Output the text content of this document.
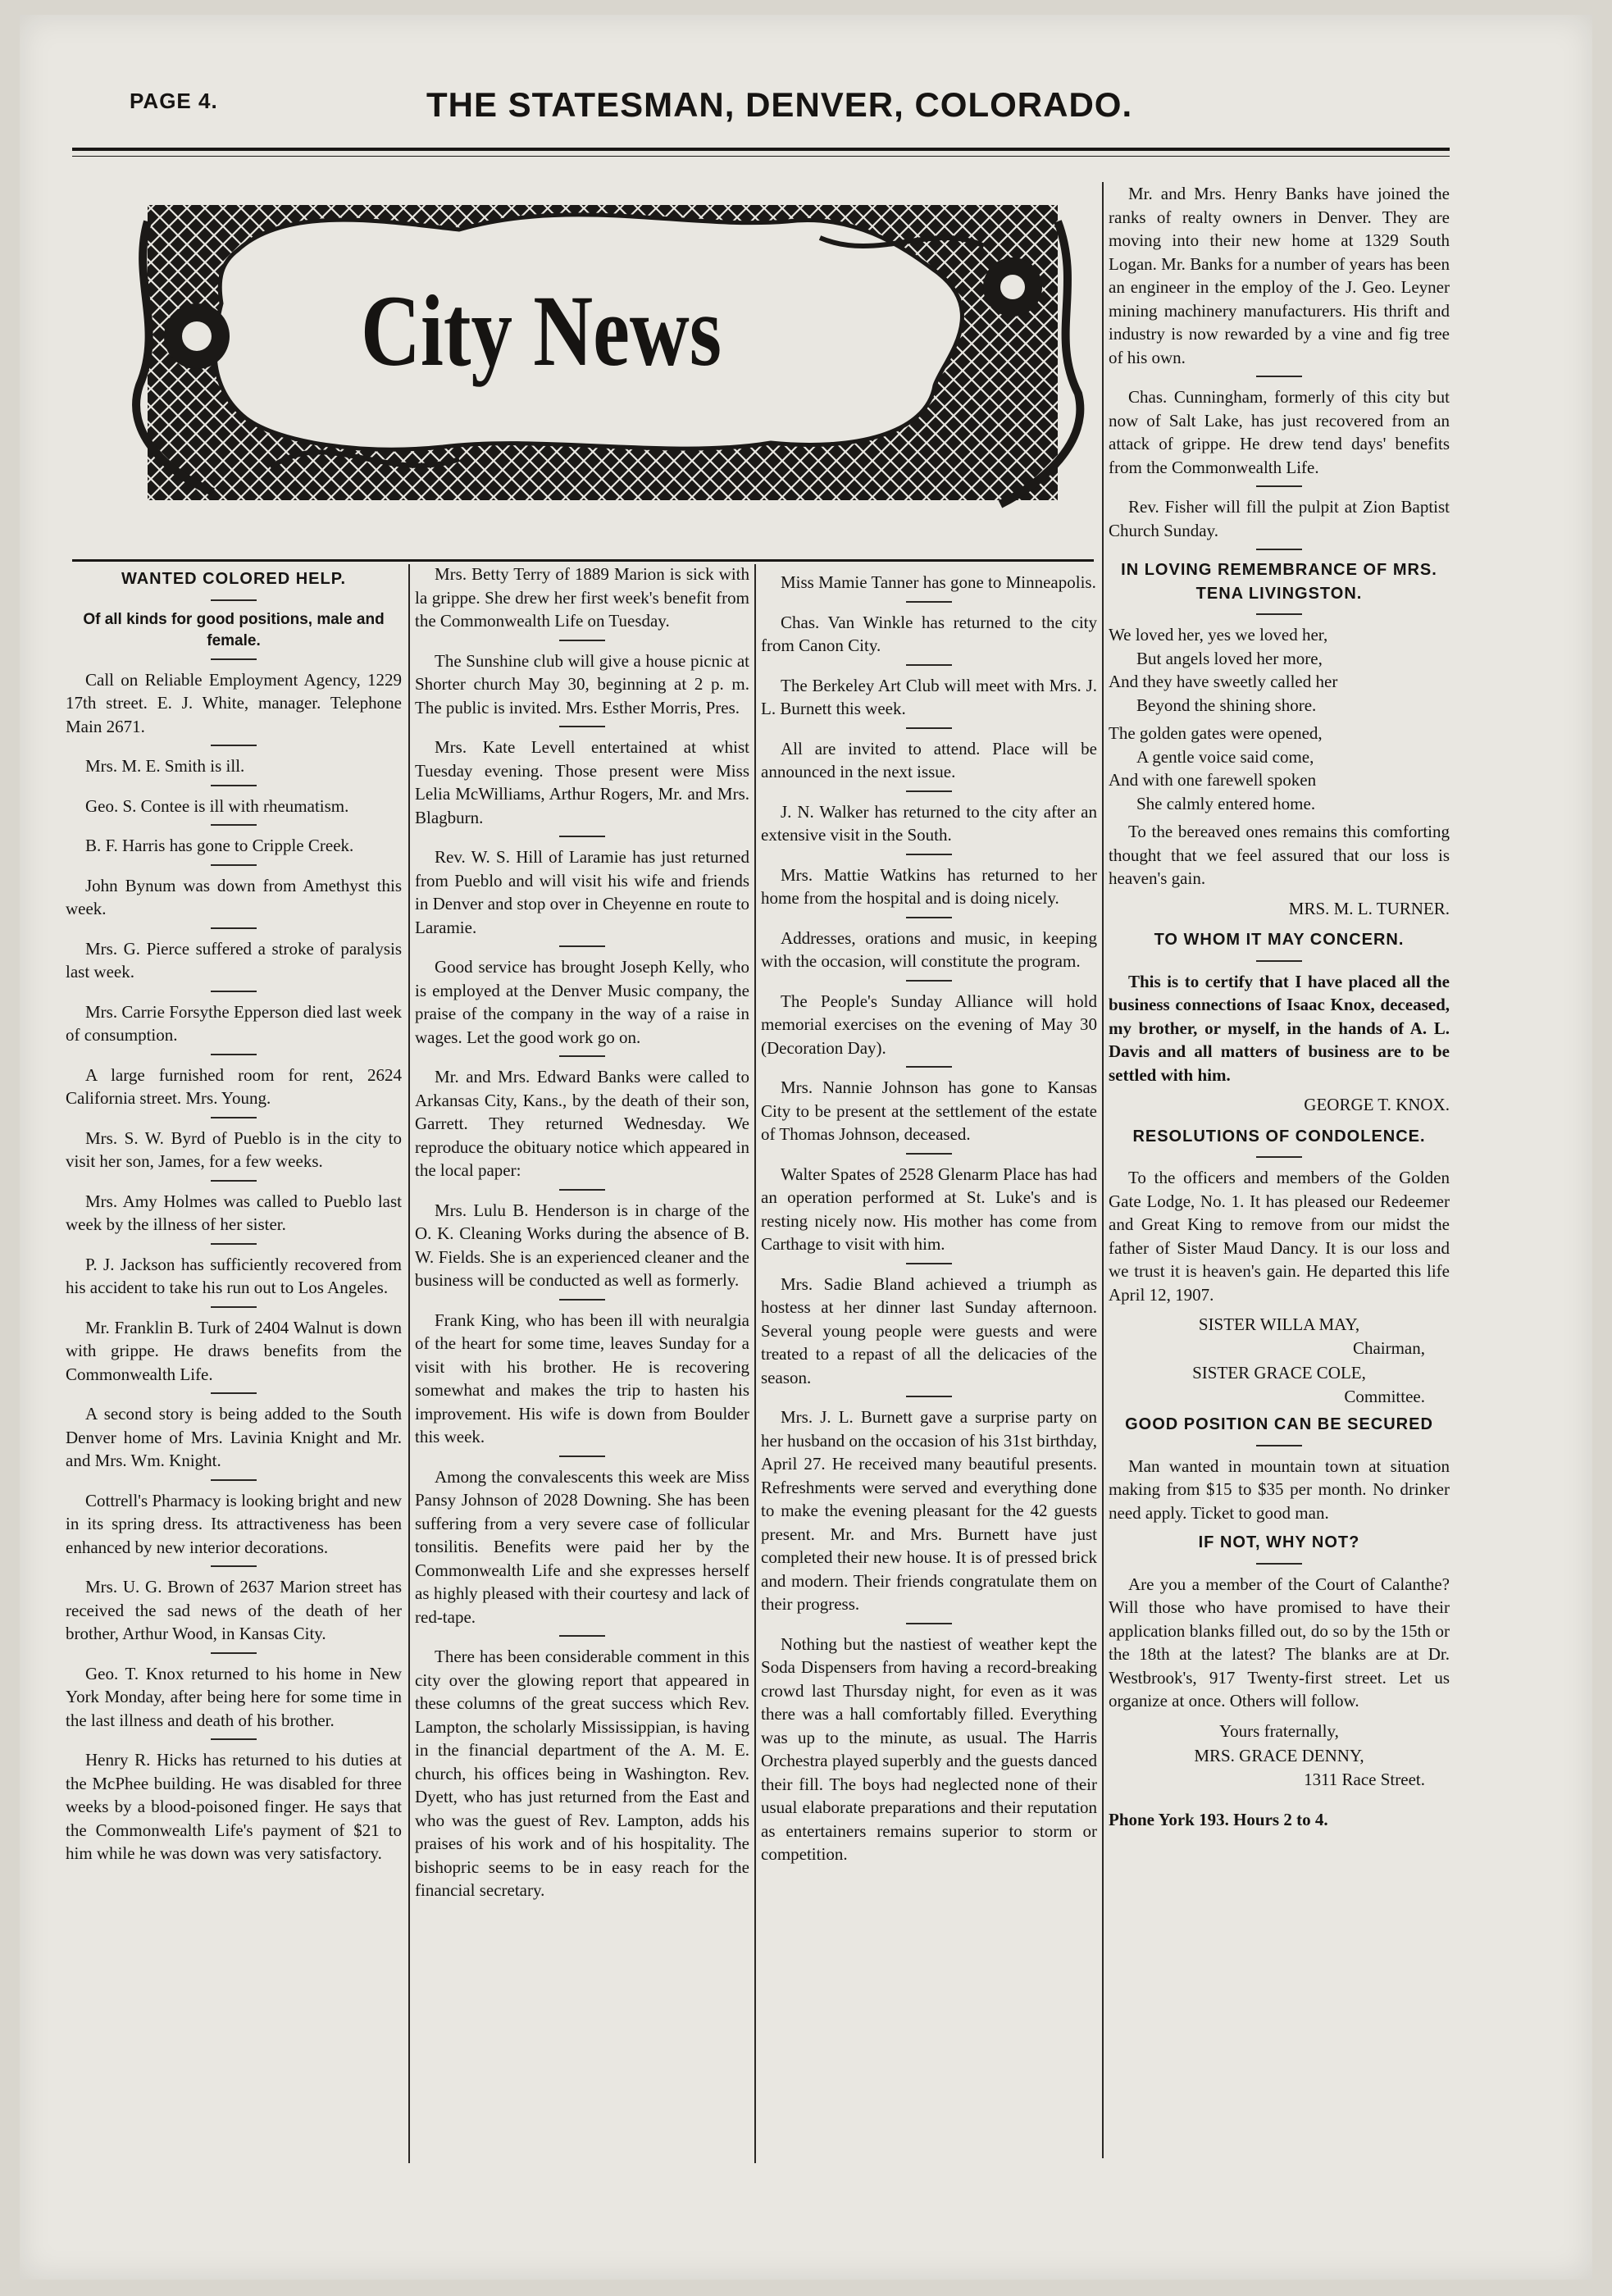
PAGE 4.	THE STATESMAN, DENVER, COLORADO.
City News
WANTED COLORED HELP.
Of all kinds for good positions, male and female.

Call on Reliable Employment Agency, 1229 17th street. E. J. White, manager. Telephone Main 2671.

Mrs. M. E. Smith is ill.

Geo. S. Contee is ill with rheumatism.

B. F. Harris has gone to Cripple Creek.

John Bynum was down from Amethyst this week.

Mrs. G. Pierce suffered a stroke of paralysis last week.

Mrs. Carrie Forsythe Epperson died last week of consumption.

A large furnished room for rent, 2624 California street. Mrs. Young.

Mrs. S. W. Byrd of Pueblo is in the city to visit her son, James, for a few weeks.

Mrs. Amy Holmes was called to Pueblo last week by the illness of her sister.

P. J. Jackson has sufficiently recovered from his accident to take his run out to Los Angeles.

Mr. Franklin B. Turk of 2404 Walnut is down with grippe. He draws benefits from the Commonwealth Life.

A second story is being added to the South Denver home of Mrs. Lavinia Knight and Mr. and Mrs. Wm. Knight.

Cottrell's Pharmacy is looking bright and new in its spring dress. Its attractiveness has been enhanced by new interior decorations.

Mrs. U. G. Brown of 2637 Marion street has received the sad news of the death of her brother, Arthur Wood, in Kansas City.

Geo. T. Knox returned to his home in New York Monday, after being here for some time in the last illness and death of his brother.

Henry R. Hicks has returned to his duties at the McPhee building. He was disabled for three weeks by a blood-poisoned finger. He says that the Commonwealth Life's payment of $21 to him while he was down was very satisfactory.

Mrs. Betty Terry of 1889 Marion is sick with la grippe. She drew her first week's benefit from the Commonwealth Life on Tuesday.

The Sunshine club will give a house picnic at Shorter church May 30, beginning at 2 p. m. The public is invited. Mrs. Esther Morris, Pres.

Mrs. Kate Levell entertained at whist Tuesday evening. Those present were Miss Lelia McWilliams, Arthur Rogers, Mr. and Mrs. Blagburn.

Rev. W. S. Hill of Laramie has just returned from Pueblo and will visit his wife and friends in Denver and stop over in Cheyenne en route to Laramie.

Good service has brought Joseph Kelly, who is employed at the Denver Music company, the praise of the company in the way of a raise in wages. Let the good work go on.

Mr. and Mrs. Edward Banks were called to Arkansas City, Kans., by the death of their son, Garrett. They returned Wednesday. We reproduce the obituary notice which appeared in the local paper:

Mrs. Lulu B. Henderson is in charge of the O. K. Cleaning Works during the absence of B. W. Fields. She is an experienced cleaner and the business will be conducted as well as formerly.

Frank King, who has been ill with neuralgia of the heart for some time, leaves Sunday for a visit with his brother. He is recovering somewhat and makes the trip to hasten his improvement. His wife is down from Boulder this week.

Among the convalescents this week are Miss Pansy Johnson of 2028 Downing. She has been suffering from a very severe case of follicular tonsilitis. Benefits were paid her by the Commonwealth Life and she expresses herself as highly pleased with their courtesy and lack of red-tape.

There has been considerable comment in this city over the glowing report that appeared in these columns of the great success which Rev. Lampton, the scholarly Mississippian, is having in the financial department of the A. M. E. church, his offices being in Washington. Rev. Dyett, who has just returned from the East and who was the guest of Rev. Lampton, adds his praises of his work and of his hospitality. The bishopric seems to be in easy reach for the financial secretary.

Miss Mamie Tanner has gone to Minneapolis.

Chas. Van Winkle has returned to the city from Canon City.

The Berkeley Art Club will meet with Mrs. J. L. Burnett this week.

All are invited to attend. Place will be announced in the next issue.

J. N. Walker has returned to the city after an extensive visit in the South.

Mrs. Mattie Watkins has returned to her home from the hospital and is doing nicely.

Addresses, orations and music, in keeping with the occasion, will constitute the program.

The People's Sunday Alliance will hold memorial exercises on the evening of May 30 (Decoration Day).

Mrs. Nannie Johnson has gone to Kansas City to be present at the settlement of the estate of Thomas Johnson, deceased.

Walter Spates of 2528 Glenarm Place has had an operation performed at St. Luke's and is resting nicely now. His mother has come from Carthage to visit with him.

Mrs. Sadie Bland achieved a triumph as hostess at her dinner last Sunday afternoon. Several young people were guests and were treated to a repast of all the delicacies of the season.

Mrs. J. L. Burnett gave a surprise party on her husband on the occasion of his 31st birthday, April 27. He received many beautiful presents. Refreshments were served and everything done to make the evening pleasant for the 42 guests present. Mr. and Mrs. Burnett have just completed their new house. It is of pressed brick and modern. Their friends congratulate them on their progress.

Nothing but the nastiest of weather kept the Soda Dispensers from having a record-breaking crowd last Thursday night, for even as it was there was a hall comfortably filled. Everything was up to the minute, as usual. The Harris Orchestra played superbly and the guests danced their fill. The boys had neglected none of their usual elaborate preparations and their reputation as entertainers remains superior to storm or competition.

Mr. and Mrs. Henry Banks have joined the ranks of realty owners in Denver. They are moving into their new home at 1329 South Logan. Mr. Banks for a number of years has been an engineer in the employ of the J. Geo. Leyner mining machinery manufacturers. His thrift and industry is now rewarded by a vine and fig tree of his own.

Chas. Cunningham, formerly of this city but now of Salt Lake, has just recovered from an attack of grippe. He drew tend days' benefits from the Commonwealth Life.

Rev. Fisher will fill the pulpit at Zion Baptist Church Sunday.

IN LOVING REMEMBRANCE OF MRS. TENA LIVINGSTON.
We loved her, yes we loved her,
But angels loved her more,
And they have sweetly called her
Beyond the shining shore.
The golden gates were opened,
A gentle voice said come,
And with one farewell spoken
She calmly entered home.

To the bereaved ones remains this comforting thought that we feel assured that our loss is heaven's gain.

MRS. M. L. TURNER.

TO WHOM IT MAY CONCERN.

This is to certify that I have placed all the business connections of Isaac Knox, deceased, my brother, or myself, in the hands of A. L. Davis and all matters of business are to be settled with him.

GEORGE T. KNOX.

RESOLUTIONS OF CONDOLENCE.

To the officers and members of the Golden Gate Lodge, No. 1. It has pleased our Redeemer and Great King to remove from our midst the father of Sister Maud Dancy. It is our loss and we trust it is heaven's gain. He departed this life April 12, 1907.

SISTER WILLA MAY,

Chairman,

SISTER GRACE COLE,

Committee.

GOOD POSITION CAN BE SECURED

Man wanted in mountain town at situation making from $15 to $35 per month. No drinker need apply. Ticket to good man.

IF NOT, WHY NOT?

Are you a member of the Court of Calanthe? Will those who have promised to have their application blanks filled out, do so by the 15th or the 18th at the latest? The blanks are at Dr. Westbrook's, 917 Twenty-first street. Let us organize at once. Others will follow.

Yours fraternally,

MRS. GRACE DENNY,

1311 Race Street.

Phone York 193. Hours 2 to 4.
